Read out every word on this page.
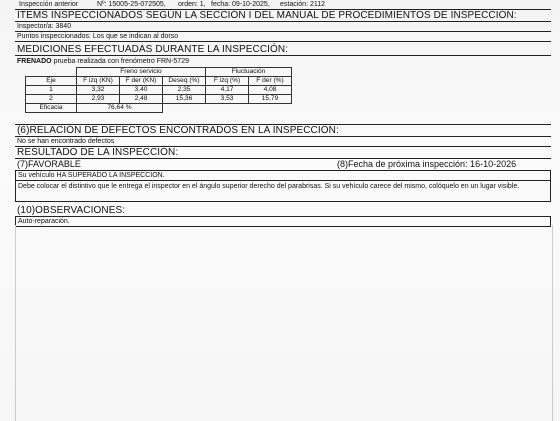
Inspección anterior	Nº: 15005-25-072505, orden: 1, fecha: 09-10-2025, estación: 2112
ÍTEMS INSPECCIONADOS SEGÚN LA SECCIÓN I DEL MANUAL DE PROCEDIMIENTOS DE INSPECCIÓN:
Inspector/a: 3840
Puntos inspeccionados: Los que se indican al dorso
MEDICIONES EFECTUADAS DURANTE LA INSPECCIÓN:
FRENADO prueba realizada con frenómetro FRN-5729
	Freno servicio			Fluctuación	
Eje	F izq (KN)	F der (KN)	Deseq (%)	F izq (%)	F der (%)
1	3,32	3,40	2,35	4,17	4,08
2	2,93	2,48	15,36	3,53	15,79
Eficacia	76,64 %				
(6)RELACIÓN DE DEFECTOS ENCONTRADOS EN LA INSPECCIÓN:
No se han encontrado defectos
RESULTADO DE LA INSPECCIÓN:
(7)FAVORABLE	(8)Fecha de próxima inspección: 16-10-2026
Su vehículo HA SUPERADO LA INSPECCIÓN.
Debe colocar el distintivo que le entrega el inspector en el ángulo superior derecho del parabrisas. Si su vehículo carece del mismo, colóquelo en un lugar visible.
(10)OBSERVACIONES:
Auto-reparación.
